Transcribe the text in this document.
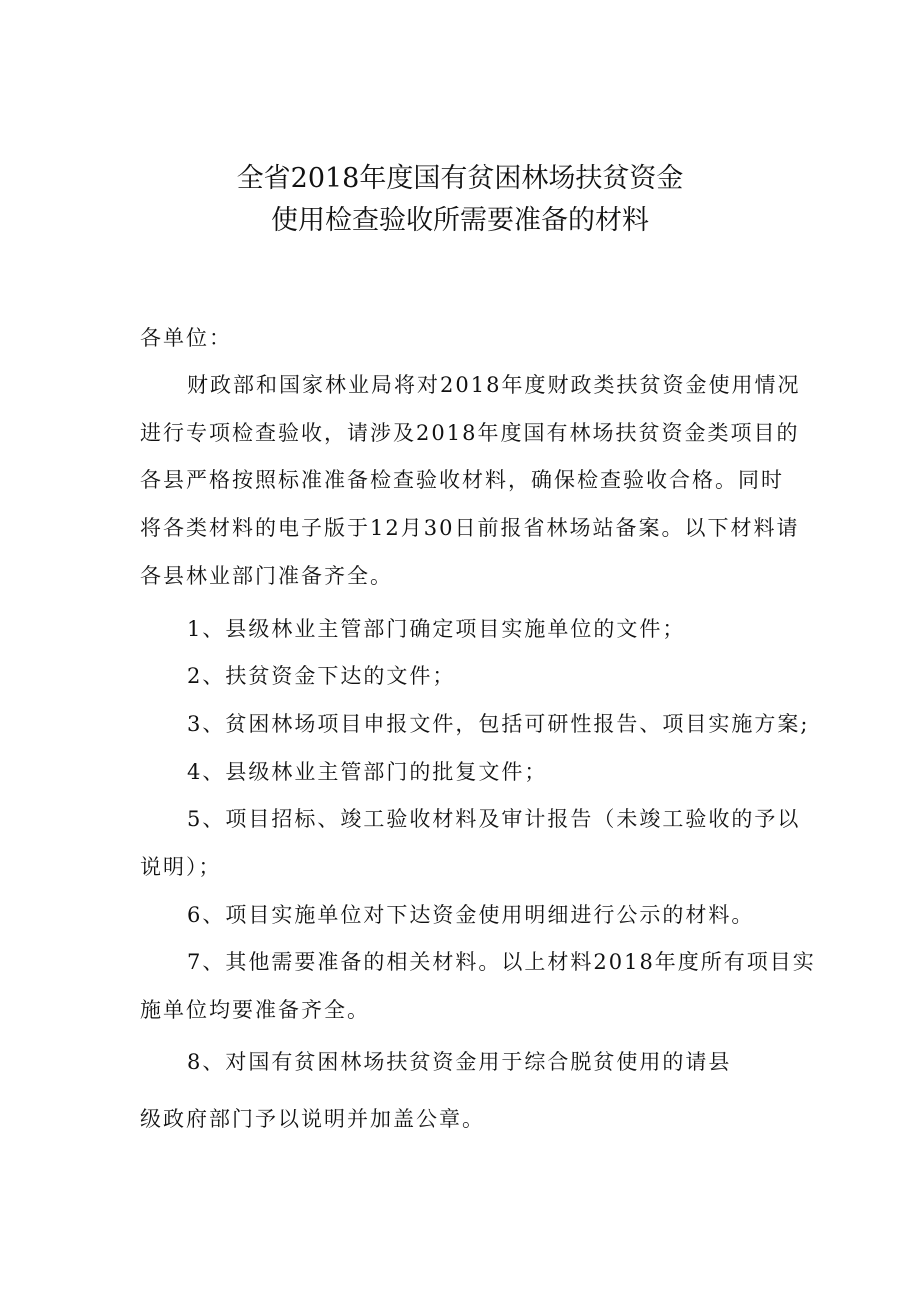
全省2018年度国有贫困林场扶贫资金
使用检查验收所需要准备的材料
各单位：
财政部和国家林业局将对2018年度财政类扶贫资金使用情况
进行专项检查验收，请涉及2018年度国有林场扶贫资金类项目的
各县严格按照标准准备检查验收材料，确保检查验收合格。同时
将各类材料的电子版于12月30日前报省林场站备案。以下材料请
各县林业部门准备齐全。
1、县级林业主管部门确定项目实施单位的文件；
2、扶贫资金下达的文件；
3、贫困林场项目申报文件，包括可研性报告、项目实施方案;
4、县级林业主管部门的批复文件；
5、项目招标、竣工验收材料及审计报告（未竣工验收的予以
说明）；
6、项目实施单位对下达资金使用明细进行公示的材料。
7、其他需要准备的相关材料。以上材料2018年度所有项目实
施单位均要准备齐全。
8、对国有贫困林场扶贫资金用于综合脱贫使用的请县
级政府部门予以说明并加盖公章。
